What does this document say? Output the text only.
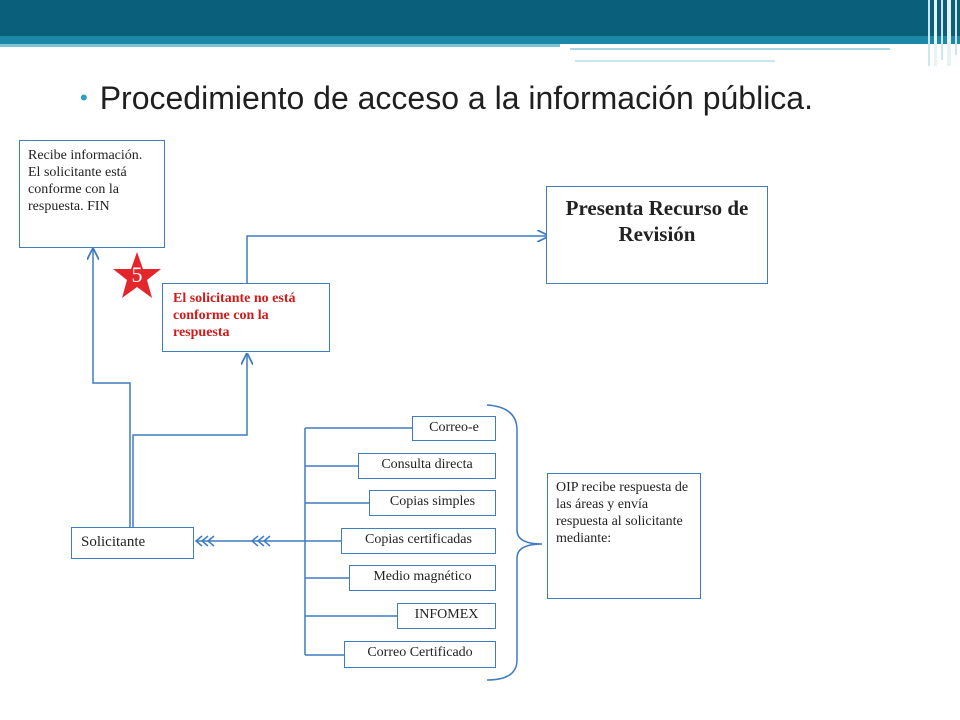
• Procedimiento de acceso a la información pública.
Recibe información. El solicitante está conforme con la respuesta. FIN	Presenta Recurso de Revisión
El solicitante no está conforme con la respuesta
5
Solicitante
Correo-e
Consulta directa
Copias simples
Copias certificadas
Medio magnético
INFOMEX
Correo Certificado
OIP recibe respuesta de las áreas y envía respuesta al solicitante mediante:
